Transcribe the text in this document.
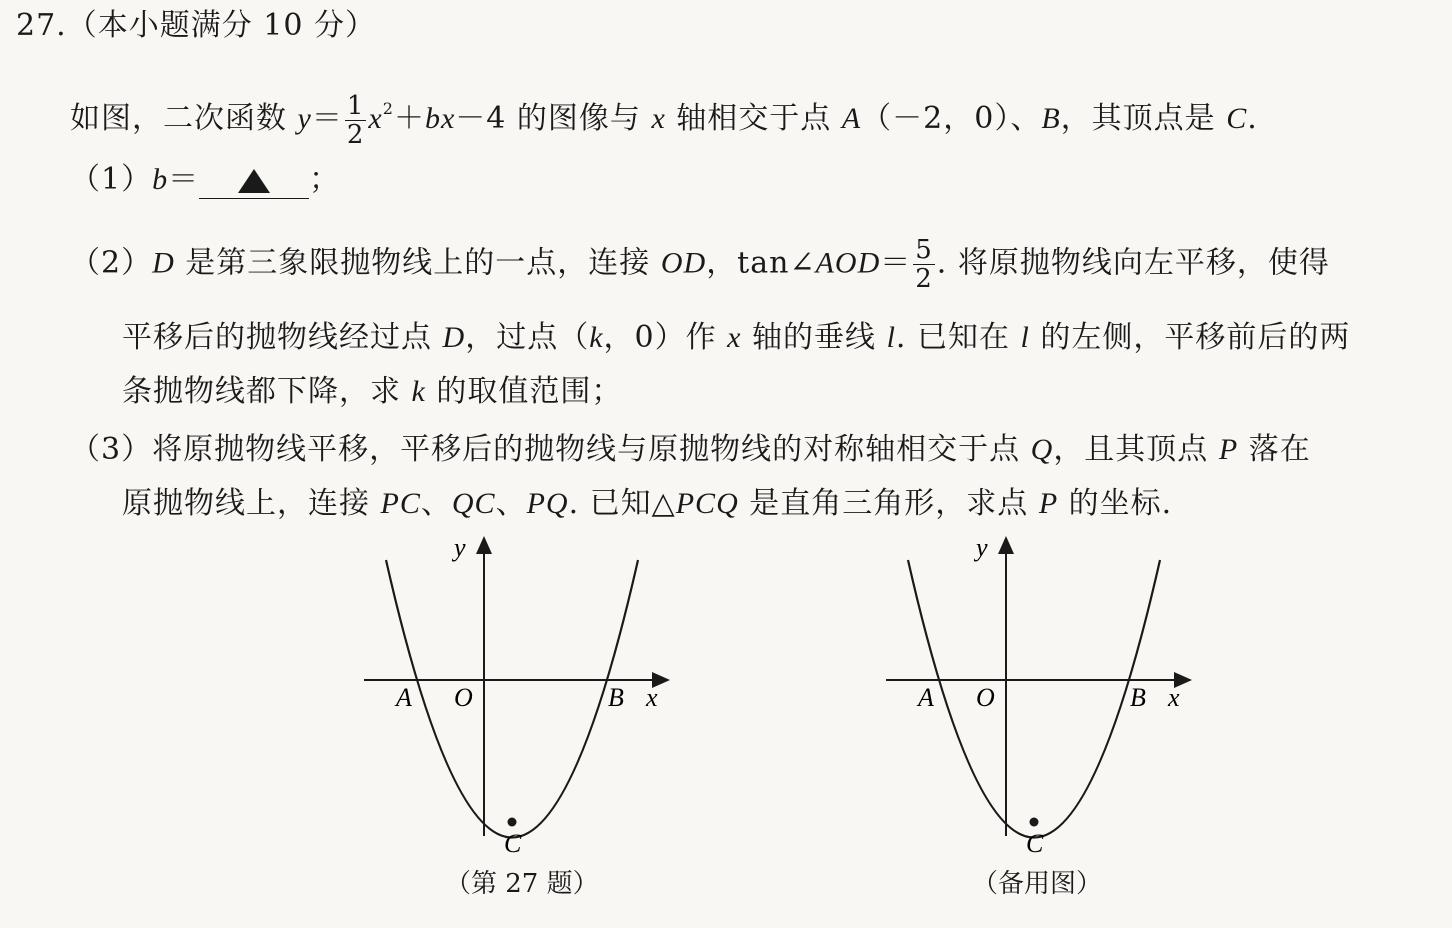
27.（本小题满分 10 分）
如图，二次函数 $y= \frac{1}{2} x^2+bx-4$ 的图像与 x 轴相交于点 A（－2，0）、B，其顶点是 C.
（1）b＝	；
（2）D 是第三象限抛物线上的一点，连接 OD，tan∠AOD＝ $\frac{5}{2}$ . 将原抛物线向左平移，使得
平移后的抛物线经过点 D，过点（k，0）作 x 轴的垂线 l. 已知在 l 的左侧，平移前后的两
条抛物线都下降，求 k 的取值范围；
（3）将原抛物线平移，平移后的抛物线与原抛物线的对称轴相交于点 Q，且其顶点 P 落在
原抛物线上，连接 PC、QC、PQ. 已知△PCQ 是直角三角形，求点 P 的坐标.
y
x
A O	B
C
（第 27 题）
y
x
A O	B
C
（备用图）
